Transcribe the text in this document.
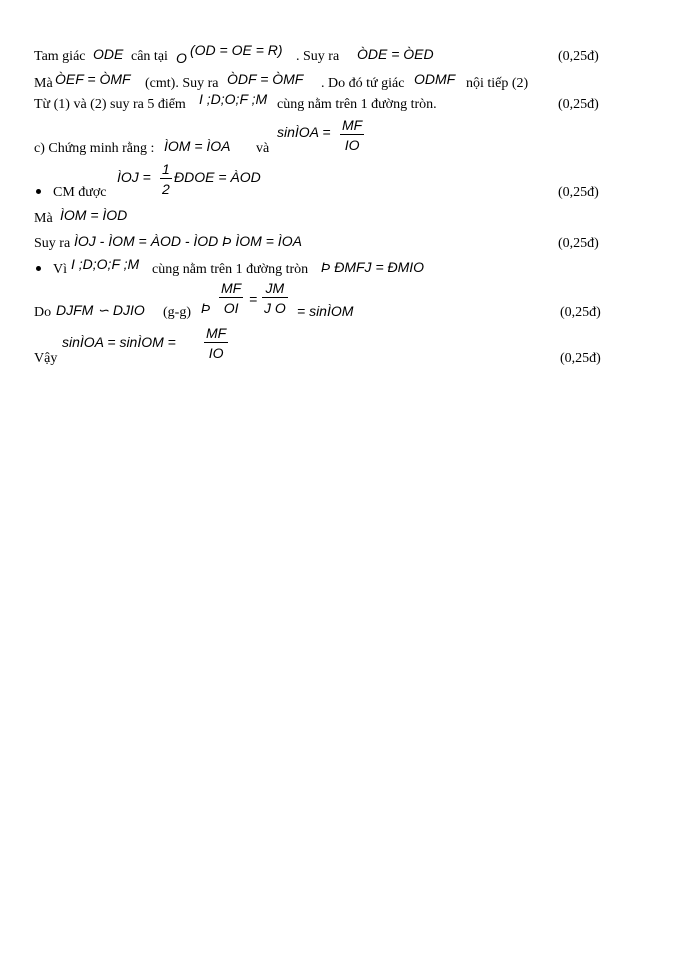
Tam giác ODE cân tại O (OD = OE = R) . Suy ra ÒDE = ÒED	(0,25đ)
Mà ÒEF = ÒMF (cmt). Suy ra ÒDF = ÒMF . Do đó tứ giác ODMF nội tiếp (2)
Từ (1) và (2) suy ra 5 điểm I ;D;O;F ;M cùng nằm trên 1 đường tròn.	(0,25đ)
c) Chứng minh rằng : ÌOM = ÌOA và
sinÌOA = MF
IO
ÌOJ = 1
2
ÐDOE = ÀOD
CM được	(0,25đ)
Mà ÌOM = ÌOD
Suy ra ÌOJ - ÌOM = ÀOD - ÌOD Þ ÌOM = ÌOA	(0,25đ)
Vì I ;D;O;F ;M cùng nằm trên 1 đường tròn Þ ÐMFJ = ÐMIO
Do DJFM ∽ DJIO (g-g) Þ
MF
OI
=
JM
J O = sinÌOM	(0,25đ)
sinÌOA = sinÌOM =
MF
IO
Vậy	(0,25đ)
